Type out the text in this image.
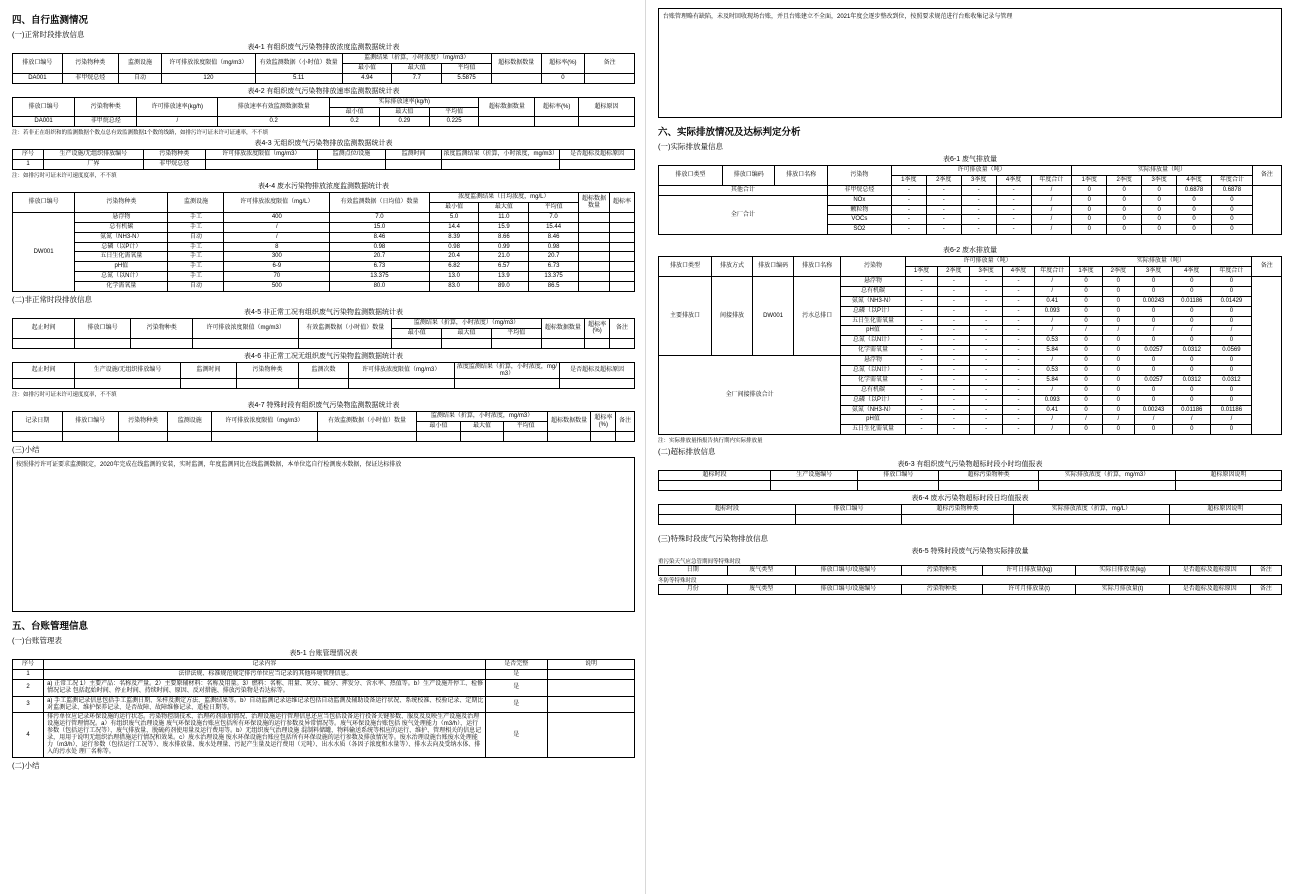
四、自行监测情况
(一)正常时段排放信息
表4-1 有组织废气污染物排放浓度监测数据统计表
排放口编号	污染物种类	监测设施	许可排放浓度限值（mg/m3）	有效监测数据（小时值）数量	监测结果（折算，小时浓度）（mg/m3）			超标数据数量	超标率(%)	备注
					最小值	最大值	平均值			
DA001	非甲烷总烃	自动	120	5.11	4.94	7.7	5.5875		0	
表4-2 有组织废气污染物排放速率监测数据统计表
排放口编号	污染物种类	许可排放速率(kg/h)	排放速率有效监测数据数量	实际排放速率(kg/h)			超标数据数量	超标率(%)	超标原因
				最小值	最大值	平均值			
DA001	非甲烷总烃	/	0.2	0.2	0.29	0.225			
注：若非正在组织和的监测数据个数点总有效监测数据1个数的线路，如排污许可证未许可证速率，不不填
表4-3 无组织废气污染物排放监测数据统计表
序号	生产设施/无组织排放编号	污染物种类	许可排放浓度限值（mg/m3）	监测点位/设施	监测时间	浓度监测结果（折算，小时浓度，mg/m3）	是否超标及超标原因
1	厂界	非甲烷总烃					
注：如排污时可证未许可速度度率，不不填
表4-4 废水污染物排放浓度监测数据统计表
排放口编号	污染物种类	监测设施	许可排放浓度限值（mg/L）	有效监测数据（日均值）数量	浓度监测结果（日均浓度，mg/L）			超标数据数量	超标率
					最小值	最大值	平均值		
DW001	悬浮物	手工	400	7.0	5.0	11.0	7.0		
	总有机碳	手工	/	15.0	14.4	15.9	15.44		
	氨氮（NH3-N）	自动	/	8.46	8.39	8.66	8.46		
	总磷（以P计）	手工	8	0.98	0.98	0.99	0.98		
	五日生化需氧量	手工	300	20.7	20.4	21.0	20.7		
	pH值	手工	6-9	6.73	6.82	6.57	6.73		
	总氮（以N计）	手工	70	13.375	13.0	13.9	13.375		
	化学需氧量	自动	500	80.0	83.0	89.0	86.5		
(二)非正常时段排放信息
表4-5 非正常工况有组织废气污染物监测数据统计表
起止时间	排放口编号	污染物种类	许可排放浓度限值（mg/m3）	有效监测数据（小时值）数量	监测结果（折算，小时浓度）（mg/m3）			超标数据数量	超标率(%)	备注
					最小值	最大值	平均值			

表4-6 非正常工况无组织废气污染物监测数据统计表
起止时间	生产设施/无组织排放编号	监测时间	污染物种类	监测次数	许可排放浓度限值（mg/m3）	浓度监测结果（折算，小时浓度，mg/m3）	是否超标及超标原因

注：如排污时可证未许可速度度率，不不填
表4-7 特殊时段有组织废气污染物监测数据统计表
记录日期	排放口编号	污染物种类	监测设施	许可排放浓度限值（mg/m3）	有效监测数据（小时值）数量	监测结果（折算，小时浓度，mg/m3）			超标数据数量	超标率(%)	备注
						最小值	最大值	平均值			

(三)小结
按照排污许可证要求监测限定，2020年完成在线监测的安装，实时监测，年度监测同比在线监测数据，本单位迄自行检测废水数据，保证达标排放
五、台账管理信息
(一)台账管理表
表5-1 台账管理情况表
序号	记录内容	是否完整	说明
1	法律法规、标准规范规定排污单位应当记录的其他环境管理信息。	是	
2	a) 正常工况 1）主要产品：名称及产量。2）主要原辅材料：名称及用量。3）燃料：名称、用量、灰分、硫分、挥发分、含水率、热值等。b）生产设施开停工、检修情况记录 包括起始时间、停止时间、持续时间、原因、反对措施、排放污染物是否达标等。	是	
3	a) 手工监测记录信息包括手工监测日期、采样及测定方法、监测结果等。b）自动监测记录运维记录包括自动监测及辅助设备运行状况、系统校准、校验记录、定期比对监测记录、维护保养记录、是否故障、故障维修记录、遥检日期等。	是	
4	排污单位应记录环保设施的运行状态。污染物控制技术、治理药剂添加情况、治理设施运行管理信息还应当包括设备运行投备关键参数、服反及反映生产设施及治理设施运行管理情况。a）有组织废气治理设施 废气环保设施台账应包括所有环保设施的运行参数及异常情况等。废气环保设施台账包括 废气处理能力（m3/h）、运行参数（包括运行工况等）、废气排放量、脱硫药剂使用量及运行费用等。b）无组织废气治理设施 混制料储罐、物料输送系统等相应的运行、维护、管理相关的信息记录，用用于说明无组织治理措施运行情况和效果。c）废水治理设施 废水环保设施台账应包括所有环保设施的运行参数及排放情况等。废水治理设施台账废水处理能力（m3/h）、运行参数（包括运行工况等）、废水排放量、废水处理量、污泥产生量及运行费用（元吨）、出水水质（各因子浓度和水量等）、排水去向及受纳水体、排入的污水处 理厂名称等。	是	
(二)小结
台账管理略有缺陷，未及时回收现场台账，并且台账建立不全面，2021年度会逐步整改到位，按照要求规范进行台账收集记录与管理
六、实际排放情况及达标判定分析
(一)实际排放量信息
表6-1 废气排放量
排放口类型	排放口编码	排放口名称	污染物	许可排放量（吨）					实际排放量（吨）					备注
				1季度	2季度	3季度	4季度	年度合计	1季度	2季度	3季度	4季度	年度合计	
其他合计			非甲烷总烃	-	-	-	-	/	0	0	0	0.6878	0.6878	
全厂合计			NOx	-	-	-	-	/	0	0	0	0	0	
			颗粒物	-	-	-	-	/	0	0	0	0	0	
			VOCs	-	-	-	-	/	0	0	0	0	0	
			SO2	-	-	-	-	/	0	0	0	0	0	
表6-2 废水排放量
排放口类型	排放方式	排放口编码	排放口名称	污染物	许可排放量（吨）					实际排放量（吨）					备注
					1季度	2季度	3季度	4季度	年度合计	1季度	2季度	3季度	4季度	年度合计	
主要排放口	间接排放	DW001	污水总排口	悬浮物	-	-	-	-	/	0	0	0	0	0	
				总有机碳	-	-	-	-	/	0	0	0	0	0	
				氨氮（NH3-N）	-	-	-	-	0.41	0	0	0.00243	0.01186	0.01429	
				总磷（以P计）	-	-	-	-	0.093	0	0	0	0	0	
				五日生化需氧量	-	-	-	-	/	0	0	0	0	0	
				pH值	-	-	-	-	/	/	/	/	/	/	
				总氮（以N计）	-	-	-	-	0.53	0	0	0	0	0	
				化学需氧量	-	-	-	-	5.84	0	0	0.0257	0.0312	0.0569	
全厂间接排放合计				悬浮物	-	-	-	-	/	0	0	0	0	0	
				总氮（以N计）	-	-	-	-	0.53	0	0	0	0	0	
				化学需氧量	-	-	-	-	5.84	0	0	0.0257	0.0312	0.0312	
				总有机碳	-	-	-	-	/	0	0	0	0	0	
				总磷（以P计）	-	-	-	-	0.093	0	0	0	0	0	
				氨氮（NH3-N）	-	-	-	-	0.41	0	0	0.00243	0.01186	0.01186	
				pH值	-	-	-	-	/	/	/	/	/	/	
				五日生化需氧量	-	-	-	-	/	0	0	0	0	0	
注：实际排放量指报告执行期内实际排放量
(二)超标排放信息
表6-3 有组织废气污染物超标时段小时均值报表
超标时段	生产设施编号	排放口编号	超标污染物种类	实际排放浓度（折算，mg/m3）	超标原因说明

表6-4 废水污染物超标时段日均值报表
超标时段	排放口编号	超标污染物种类	实际排放浓度（折算，mg/L）	超标原因说明

(三)特殊时段废气污染物排放信息
表6-5 特殊时段废气污染物实际排放量
重污染天气应急管期间等特殊时段
日期	废气类型	排放口编号/设施编号	污染物种类	许可日排放量(kg)	实际日排放量(kg)	是否超标及超标原因	备注
冬防等特殊时段
月份	废气类型	排放口编号/设施编号	污染物种类	许可月排放量(t)	实际月排放量(t)	是否超标及超标原因	备注
